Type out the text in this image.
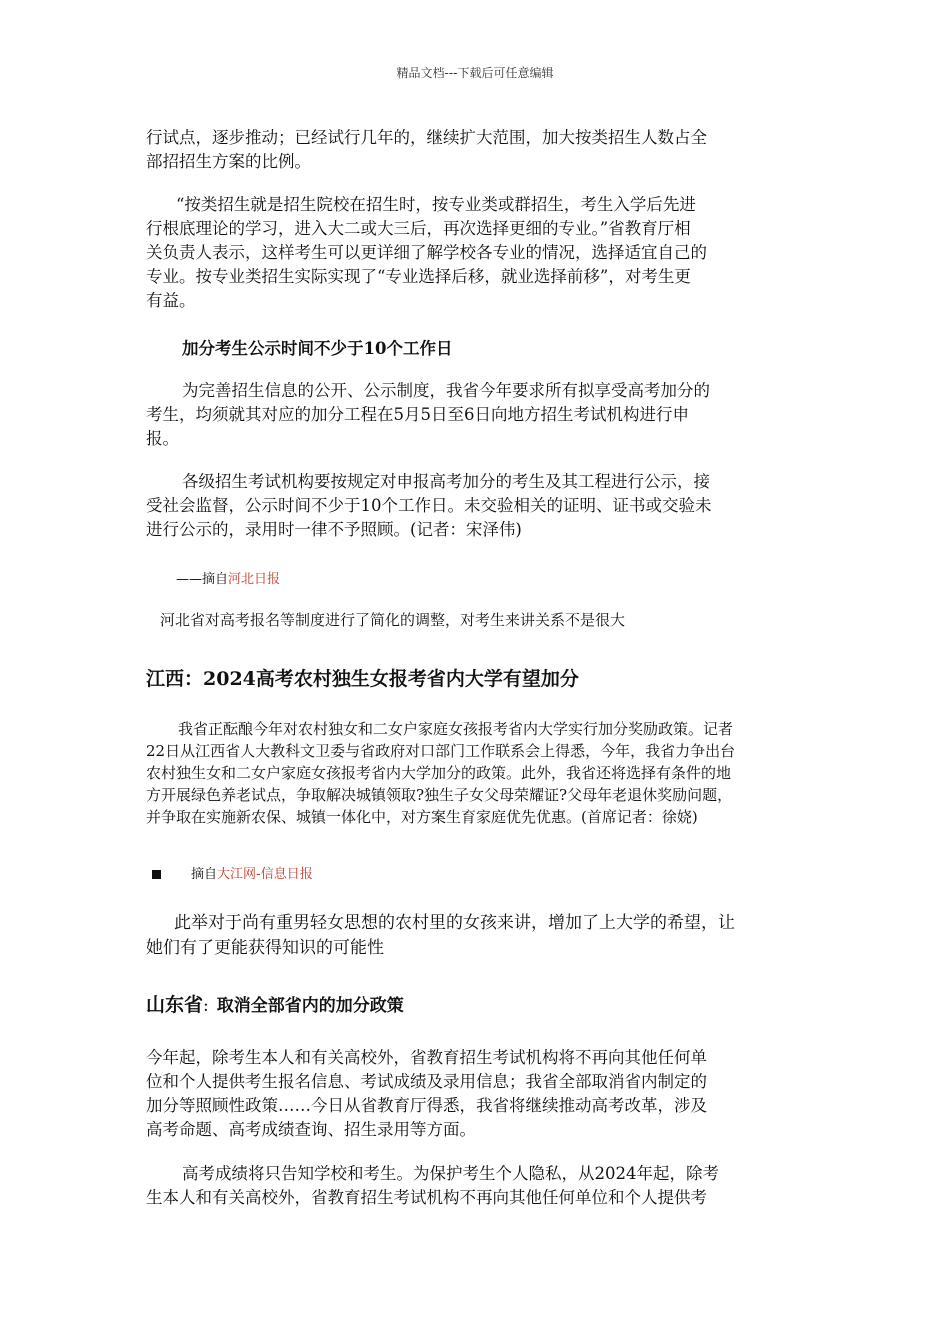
精品文档---下载后可任意编辑
行试点，逐步推动；已经试行几年的，继续扩大范围，加大按类招生人数占全
部招招生方案的比例。
“按类招生就是招生院校在招生时，按专业类或群招生，考生入学后先进
行根底理论的学习，进入大二或大三后，再次选择更细的专业。”省教育厅相
关负责人表示，这样考生可以更详细了解学校各专业的情况，选择适宜自己的
专业。按专业类招生实际实现了“专业选择后移，就业选择前移”，对考生更
有益。
加分考生公示时间不少于10个工作日
为完善招生信息的公开、公示制度，我省今年要求所有拟享受高考加分的
考生，均须就其对应的加分工程在5月5日至6日向地方招生考试机构进行申
报。
各级招生考试机构要按规定对申报高考加分的考生及其工程进行公示，接
受社会监督，公示时间不少于10个工作日。未交验相关的证明、证书或交验未
进行公示的，录用时一律不予照顾。(记者：宋泽伟)
——摘自河北日报
河北省对高考报名等制度进行了简化的调整，对考生来讲关系不是很大
江西：2024高考农村独生女报考省内大学有望加分
我省正酝酿今年对农村独女和二女户家庭女孩报考省内大学实行加分奖励政策。记者
22日从江西省人大教科文卫委与省政府对口部门工作联系会上得悉，今年，我省力争出台
农村独生女和二女户家庭女孩报考省内大学加分的政策。此外，我省还将选择有条件的地
方开展绿色养老试点，争取解决城镇领取?独生子女父母荣耀证?父母年老退休奖励问题，
并争取在实施新农保、城镇一体化中，对方案生育家庭优先优惠。(首席记者：徐娆)
摘自大江网-信息日报
此举对于尚有重男轻女思想的农村里的女孩来讲，增加了上大学的希望，让
她们有了更能获得知识的可能性
山东省: 取消全部省内的加分政策
今年起，除考生本人和有关高校外，省教育招生考试机构将不再向其他任何单
位和个人提供考生报名信息、考试成绩及录用信息；我省全部取消省内制定的
加分等照顾性政策……今日从省教育厅得悉，我省将继续推动高考改革，涉及
高考命题、高考成绩查询、招生录用等方面。
高考成绩将只告知学校和考生。为保护考生个人隐私，从2024年起，除考
生本人和有关高校外，省教育招生考试机构不再向其他任何单位和个人提供考
